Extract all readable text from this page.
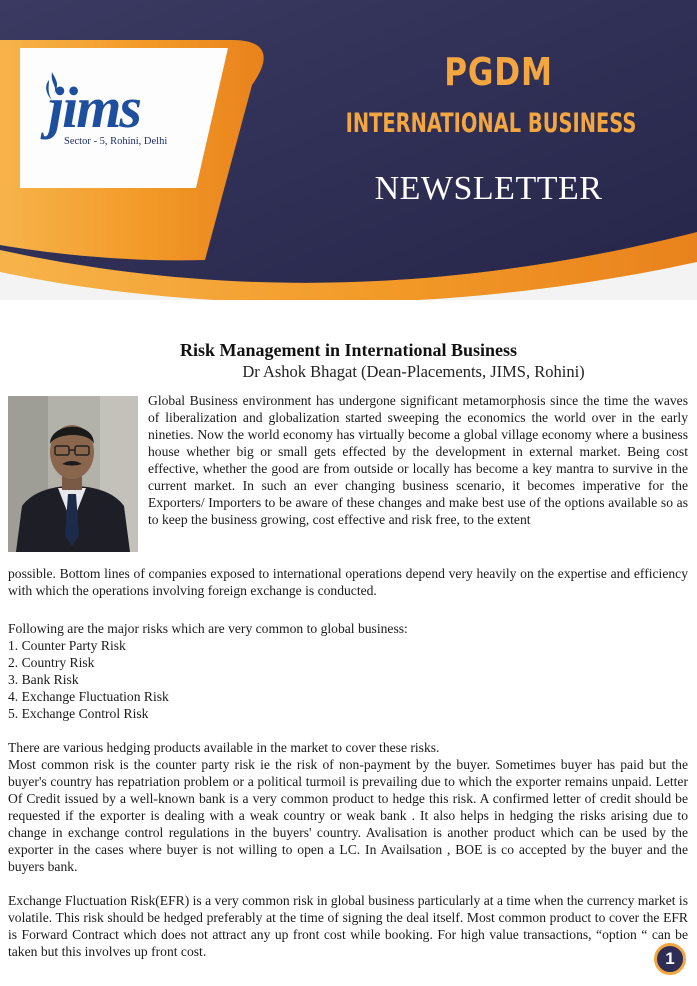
jims
Sector - 5, Rohini, Delhi
PGDM
INTERNATIONAL BUSINESS
NEWSLETTER
Risk Management in International Business
Dr Ashok Bhagat (Dean-Placements, JIMS, Rohini)
Global Business environment has undergone significant metamorphosis since the time the waves of liberalization and globalization started sweeping the economics the world over in the early nineties. Now the world economy has virtually become a global village economy where a business house whether big or small gets effected by the development in external market. Being cost effective, whether the good are from outside or locally has become a key mantra to survive in the current market. In such an ever changing business scenario, it becomes imperative for the Exporters/ Importers to be aware of these changes and make best use of the options available so as to keep the business growing, cost effective and risk free, to the extent
possible. Bottom lines of companies exposed to international operations depend very heavily on the expertise and efficiency with which the operations involving foreign exchange is conducted.
Following are the major risks which are very common to global business:
1. Counter Party Risk
2. Country Risk
3. Bank Risk
4. Exchange Fluctuation Risk
5. Exchange Control Risk
There are various hedging products available in the market to cover these risks.
Most common risk is the counter party risk ie the risk of non-payment by the buyer. Sometimes buyer has paid but the buyer's country has repatriation problem or a political turmoil is prevailing due to which the exporter remains unpaid. Letter Of Credit issued by a well-known bank is a very common product to hedge this risk. A confirmed letter of credit should be requested if the exporter is dealing with a weak country or weak bank . It also helps in hedging the risks arising due to change in exchange control regulations in the buyers' country. Avalisation is another product which can be used by the exporter in the cases where buyer is not willing to open a LC. In Availsation , BOE is co accepted by the buyer and the buyers bank.
Exchange Fluctuation Risk(EFR) is a very common risk in global business particularly at a time when the currency market is volatile. This risk should be hedged preferably at the time of signing the deal itself. Most common product to cover the EFR is Forward Contract which does not attract any up front cost while booking. For high value transactions, “option “ can be taken but this involves up front cost.	1
